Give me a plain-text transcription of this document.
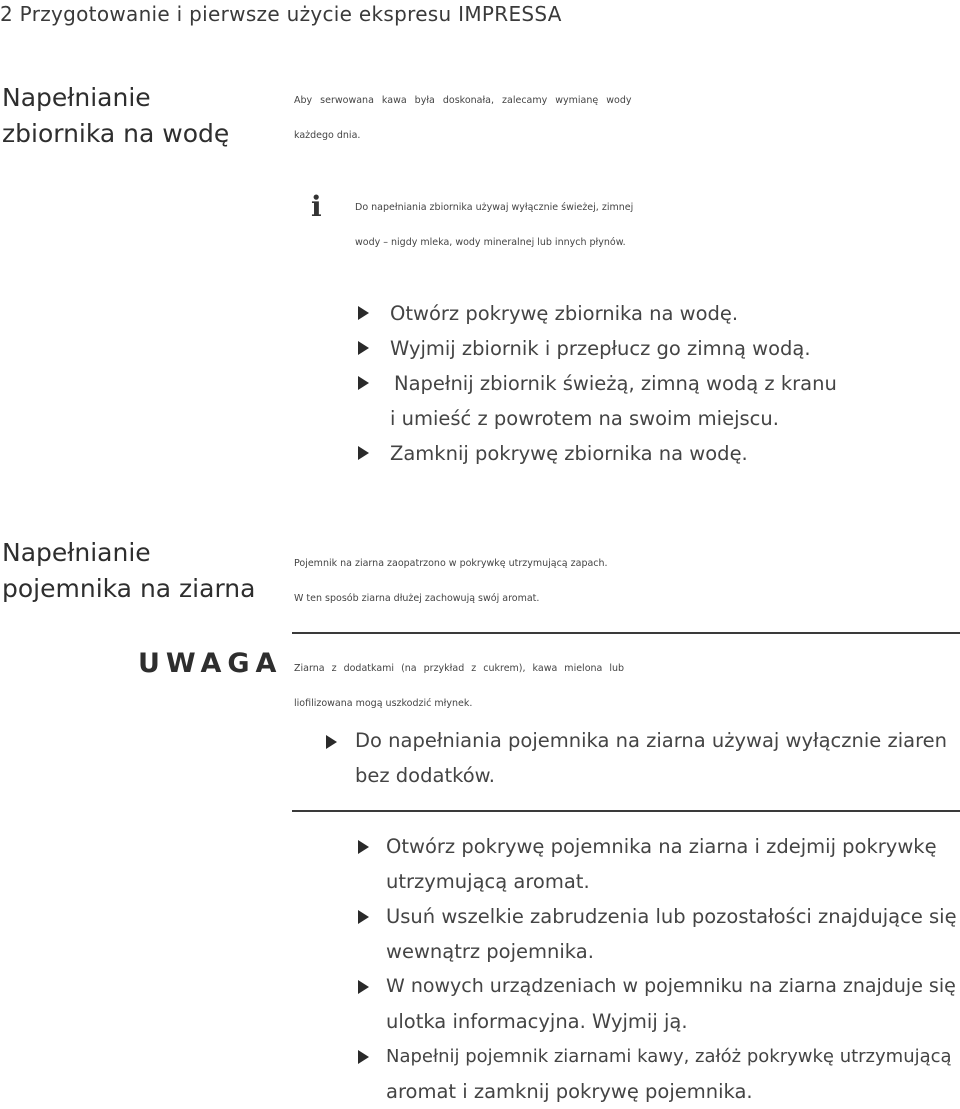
2 Przygotowanie i pierwsze użycie ekspresu IMPRESSA
Napełnianie
zbiornika na wodę
Aby serwowana kawa była doskonała, zalecamy wymianę wody
każdego dnia.
i	Do napełniania zbiornika używaj wyłącznie świeżej, zimnej
wody – nigdy mleka, wody mineralnej lub innych płynów.
Otwórz pokrywę zbiornika na wodę.
Wyjmij zbiornik i przepłucz go zimną wodą.
Napełnij zbiornik świeżą, zimną wodą z kranu
i umieść z powrotem na swoim miejscu.
Zamknij pokrywę zbiornika na wodę.
Napełnianie
pojemnika na ziarna
Pojemnik na ziarna zaopatrzono w pokrywkę utrzymującą zapach.
W ten sposób ziarna dłużej zachowują swój aromat.
UWAGA Ziarna z dodatkami (na przykład z cukrem), kawa mielona lub
liofilizowana mogą uszkodzić młynek.
Do napełniania pojemnika na ziarna używaj wyłącznie ziaren
bez dodatków.
Otwórz pokrywę pojemnika na ziarna i zdejmij pokrywkę
utrzymującą aromat.
Usuń wszelkie zabrudzenia lub pozostałości znajdujące się
wewnątrz pojemnika.
W nowych urządzeniach w pojemniku na ziarna znajduje się
ulotka informacyjna. Wyjmij ją.
Napełnij pojemnik ziarnami kawy, załóż pokrywkę utrzymującą
aromat i zamknij pokrywę pojemnika.
